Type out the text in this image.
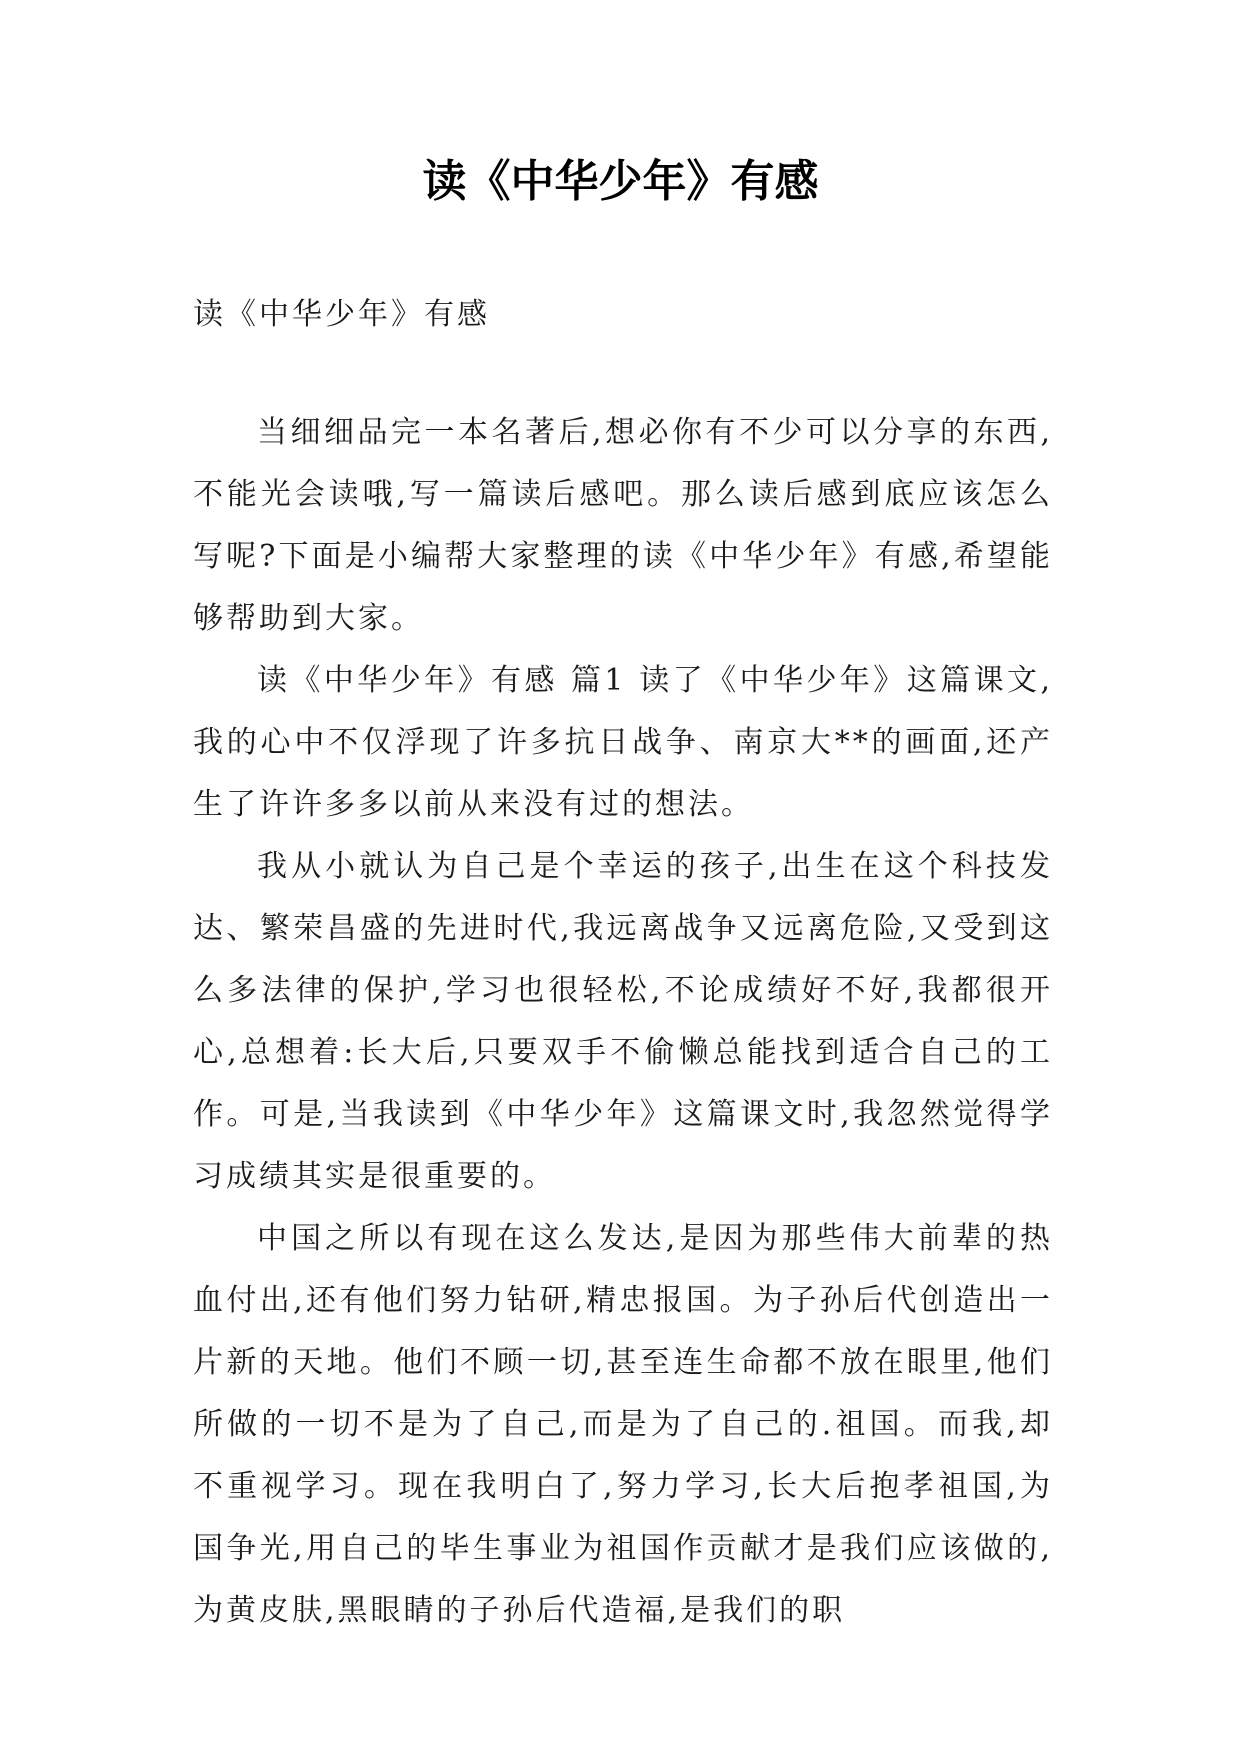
读《中华少年》有感

读《中华少年》有感

当细细品完一本名著后,想必你有不少可以分享的东西,不能光会读哦,写一篇读后感吧。那么读后感到底应该怎么写呢?下面是小编帮大家整理的读《中华少年》有感,希望能够帮助到大家。

读《中华少年》有感 篇1 读了《中华少年》这篇课文,我的心中不仅浮现了许多抗日战争、南京大**的画面,还产生了许许多多以前从来没有过的想法。

我从小就认为自己是个幸运的孩子,出生在这个科技发达、繁荣昌盛的先进时代,我远离战争又远离危险,又受到这么多法律的保护,学习也很轻松,不论成绩好不好,我都很开心,总想着:长大后,只要双手不偷懒总能找到适合自己的工作。可是,当我读到《中华少年》这篇课文时,我忽然觉得学习成绩其实是很重要的。

中国之所以有现在这么发达,是因为那些伟大前辈的热血付出,还有他们努力钻研,精忠报国。为子孙后代创造出一片新的天地。他们不顾一切,甚至连生命都不放在眼里,他们所做的一切不是为了自己,而是为了自己的.祖国。而我,却不重视学习。现在我明白了,努力学习,长大后抱孝祖国,为国争光,用自己的毕生事业为祖国作贡献才是我们应该做的,为黄皮肤,黑眼睛的子孙后代造福,是我们的职
